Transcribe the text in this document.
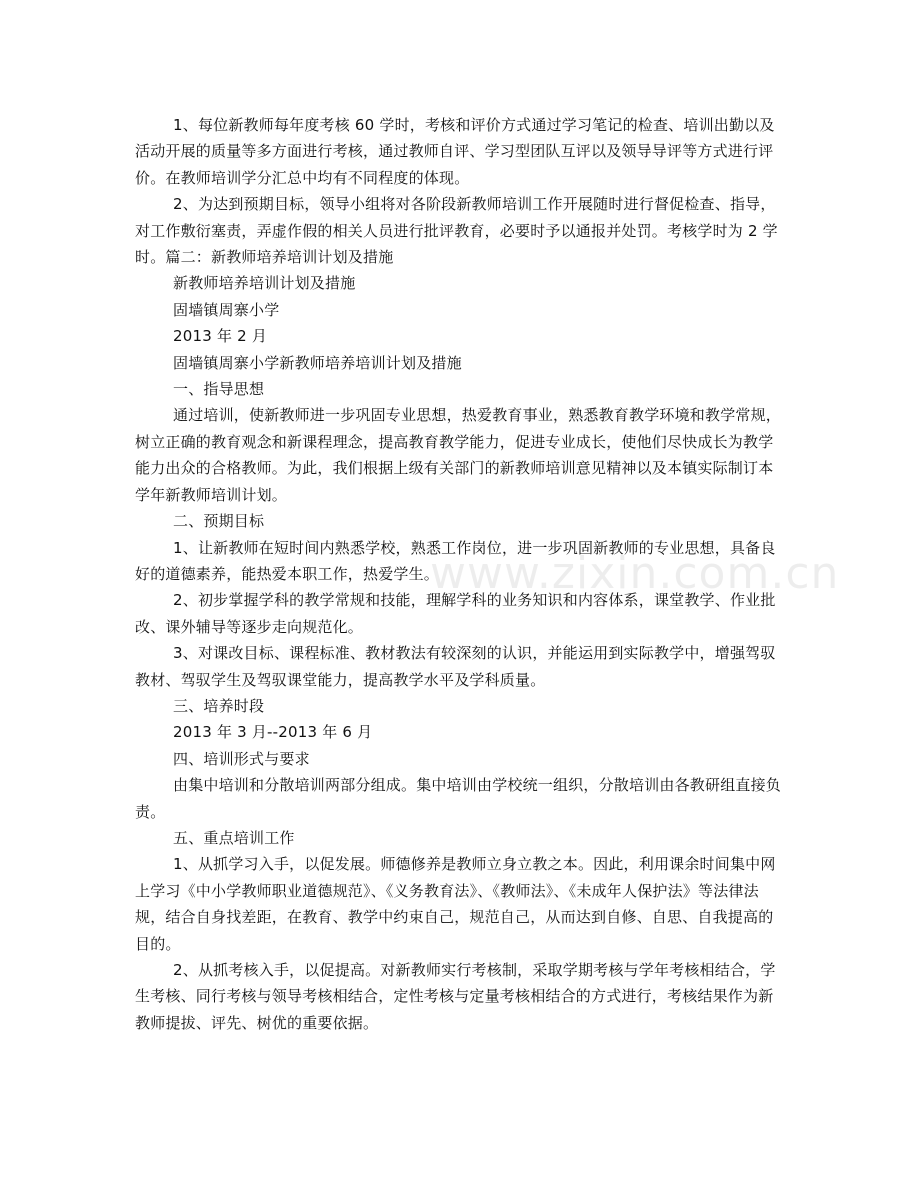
www.zixin.com.cn

1、每位新教师每年度考核 60 学时，考核和评价方式通过学习笔记的检查、培训出勤以及活动开展的质量等多方面进行考核，通过教师自评、学习型团队互评以及领导导评等方式进行评价。在教师培训学分汇总中均有不同程度的体现。

2、为达到预期目标，领导小组将对各阶段新教师培训工作开展随时进行督促检查、指导，对工作敷衍塞责，弄虚作假的相关人员进行批评教育，必要时予以通报并处罚。考核学时为 2 学时。篇二：新教师培养培训计划及措施

新教师培养培训计划及措施

固墙镇周寨小学

2013 年 2 月

固墙镇周寨小学新教师培养培训计划及措施

一、指导思想

通过培训，使新教师进一步巩固专业思想，热爱教育事业，熟悉教育教学环境和教学常规，树立正确的教育观念和新课程理念，提高教育教学能力，促进专业成长，使他们尽快成长为教学能力出众的合格教师。为此，我们根据上级有关部门的新教师培训意见精神以及本镇实际制订本学年新教师培训计划。

二、预期目标

1、让新教师在短时间内熟悉学校，熟悉工作岗位，进一步巩固新教师的专业思想，具备良好的道德素养，能热爱本职工作，热爱学生。

2、初步掌握学科的教学常规和技能，理解学科的业务知识和内容体系，课堂教学、作业批改、课外辅导等逐步走向规范化。

3、对课改目标、课程标准、教材教法有较深刻的认识，并能运用到实际教学中，增强驾驭教材、驾驭学生及驾驭课堂能力，提高教学水平及学科质量。

三、培养时段

2013 年 3 月--2013 年 6 月

四、培训形式与要求

由集中培训和分散培训两部分组成。集中培训由学校统一组织，分散培训由各教研组直接负责。

五、重点培训工作

1、从抓学习入手，以促发展。师德修养是教师立身立教之本。因此，利用课余时间集中网上学习《中小学教师职业道德规范》、《义务教育法》、《教师法》、《未成年人保护法》等法律法规，结合自身找差距，在教育、教学中约束自己，规范自己，从而达到自修、自思、自我提高的目的。

2、从抓考核入手，以促提高。对新教师实行考核制，采取学期考核与学年考核相结合，学生考核、同行考核与领导考核相结合，定性考核与定量考核相结合的方式进行，考核结果作为新教师提拔、评先、树优的重要依据。
